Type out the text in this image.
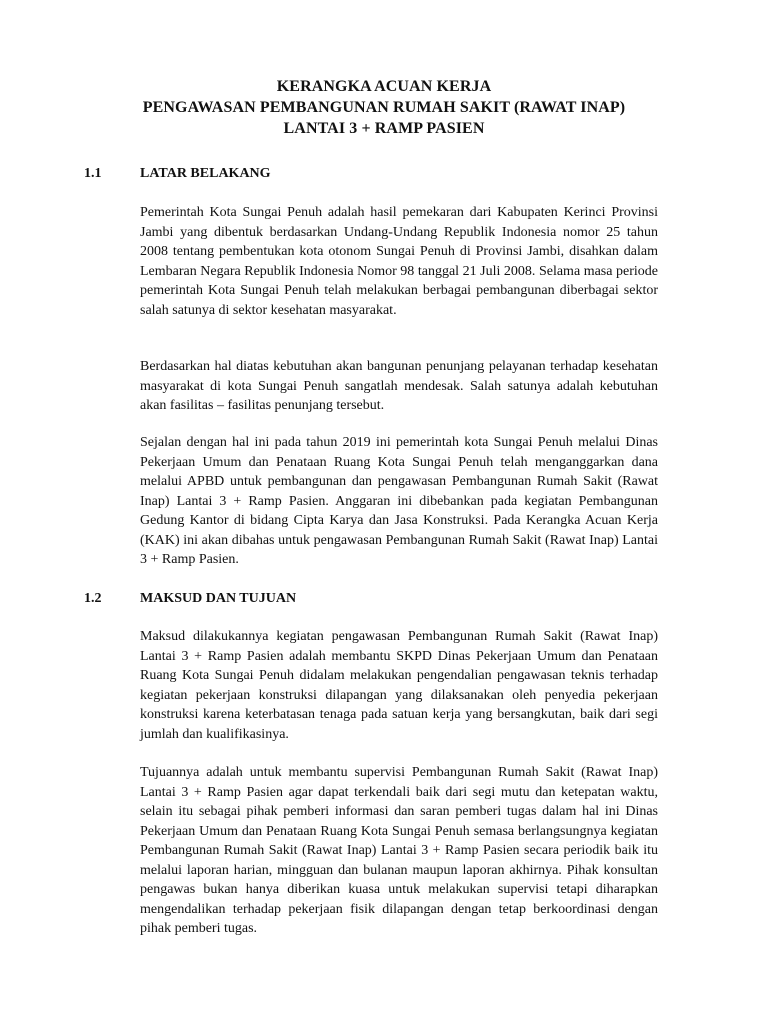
KERANGKA ACUAN KERJA
PENGAWASAN PEMBANGUNAN RUMAH SAKIT (RAWAT INAP)
LANTAI 3 + RAMP PASIEN
1.1	LATAR BELAKANG

Pemerintah Kota Sungai Penuh adalah hasil pemekaran dari Kabupaten Kerinci Provinsi Jambi yang dibentuk berdasarkan Undang-Undang Republik Indonesia nomor 25 tahun 2008 tentang pembentukan kota otonom Sungai Penuh di Provinsi Jambi, disahkan dalam Lembaran Negara Republik Indonesia Nomor 98 tanggal 21 Juli 2008. Selama masa periode pemerintah Kota Sungai Penuh telah melakukan berbagai pembangunan diberbagai sektor salah satunya di sektor kesehatan masyarakat.

Berdasarkan hal diatas kebutuhan akan bangunan penunjang pelayanan terhadap kesehatan masyarakat di kota Sungai Penuh sangatlah mendesak. Salah satunya adalah kebutuhan akan fasilitas – fasilitas penunjang tersebut.

Sejalan dengan hal ini pada tahun 2019 ini pemerintah kota Sungai Penuh melalui Dinas Pekerjaan Umum dan Penataan Ruang Kota Sungai Penuh telah menganggarkan dana melalui APBD untuk pembangunan dan pengawasan Pembangunan Rumah Sakit (Rawat Inap) Lantai 3 + Ramp Pasien. Anggaran ini dibebankan pada kegiatan Pembangunan Gedung Kantor di bidang Cipta Karya dan Jasa Konstruksi. Pada Kerangka Acuan Kerja (KAK) ini akan dibahas untuk pengawasan Pembangunan Rumah Sakit (Rawat Inap) Lantai 3 + Ramp Pasien.

1.2	MAKSUD DAN TUJUAN

Maksud dilakukannya kegiatan pengawasan Pembangunan Rumah Sakit (Rawat Inap) Lantai 3 + Ramp Pasien adalah membantu SKPD Dinas Pekerjaan Umum dan Penataan Ruang Kota Sungai Penuh didalam melakukan pengendalian pengawasan teknis terhadap kegiatan pekerjaan konstruksi dilapangan yang dilaksanakan oleh penyedia pekerjaan konstruksi karena keterbatasan tenaga pada satuan kerja yang bersangkutan, baik dari segi jumlah dan kualifikasinya.

Tujuannya adalah untuk membantu supervisi Pembangunan Rumah Sakit (Rawat Inap) Lantai 3 + Ramp Pasien agar dapat terkendali baik dari segi mutu dan ketepatan waktu, selain itu sebagai pihak pemberi informasi dan saran pemberi tugas dalam hal ini Dinas Pekerjaan Umum dan Penataan Ruang Kota Sungai Penuh semasa berlangsungnya kegiatan Pembangunan Rumah Sakit (Rawat Inap) Lantai 3 + Ramp Pasien secara periodik baik itu melalui laporan harian, mingguan dan bulanan maupun laporan akhirnya. Pihak konsultan pengawas bukan hanya diberikan kuasa untuk melakukan supervisi tetapi diharapkan mengendalikan terhadap pekerjaan fisik dilapangan dengan tetap berkoordinasi dengan pihak pemberi tugas.
